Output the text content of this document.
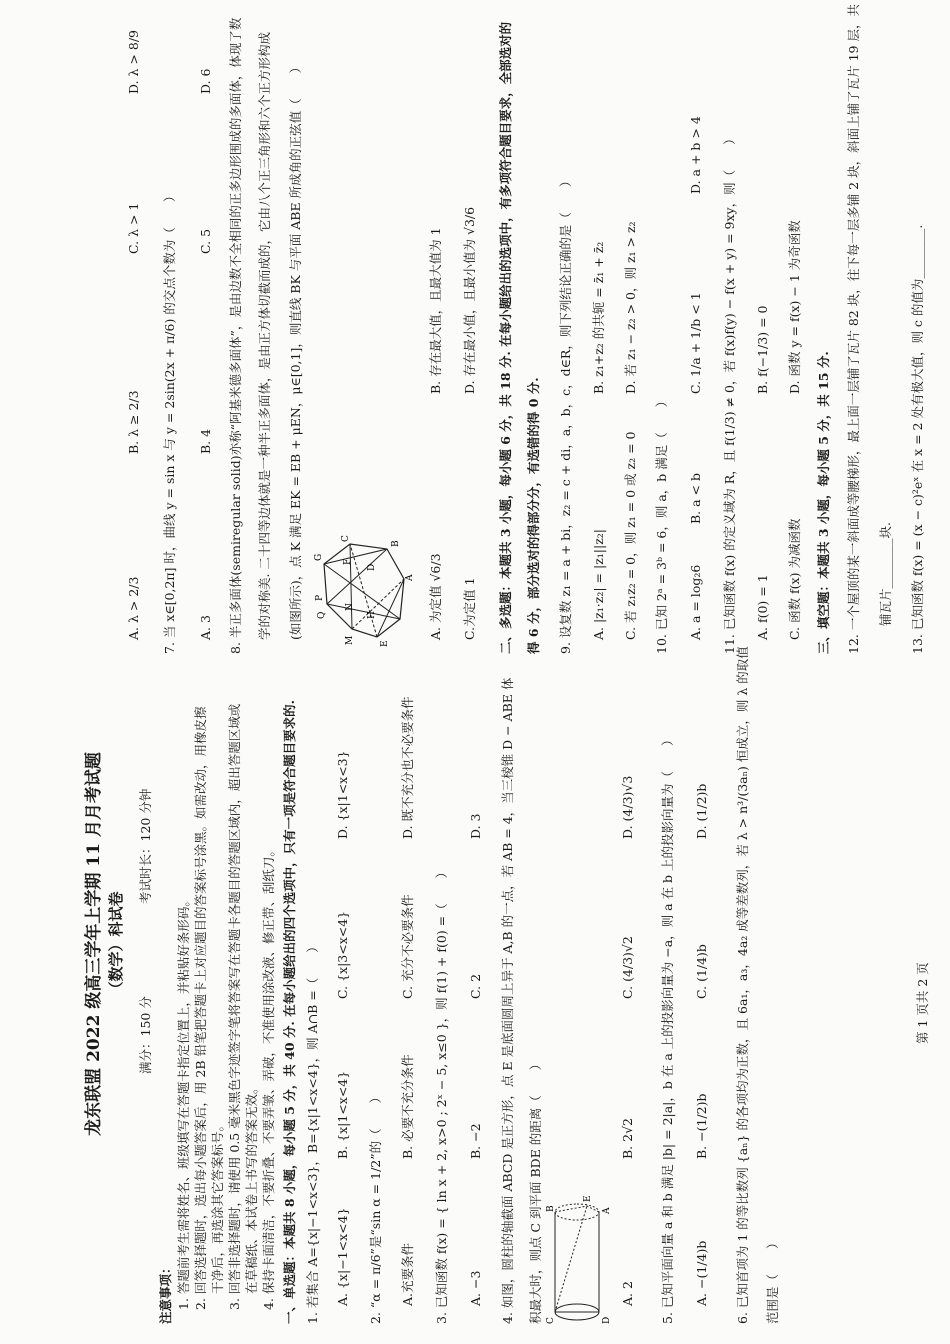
龙东联盟 2022 级高三学年上学期 11 月月考试题 （数学）科试卷
满分：150 分
考试时长：120 分钟
注意事项： 1. 答题前考生需将姓名、班级填写在答题卡指定位置上，并粘贴好条形码。 2. 回答选择题时，选出每小题答案后，用 2B 铅笔把答题卡上对应题目的答案标号涂黑。如需改动，用橡皮擦 干净后，再选涂其它答案标号。 3. 回答非选择题时，请使用 0.5 毫米黑色字迹签字笔将答案写在答题卡各题目的答题区域内，超出答题区域或 在草稿纸、本试卷上书写的答案无效。 4. 保持卡面清洁，不要折叠、不要弄皱、弄破，不准使用涂改液、修正带、刮纸刀。 一、单选题：本题共 8 小题，每小题 5 分，共 40 分. 在每小题给出的四个选项中，只有一项是符合题目要求的. 1. 若集合 A={x|−1<x<3}，B={x|1<x<4}，则 A∩B =（　　） A. {x|−1<x<4}
B. {x|1<x<4}
C. {x|3<x<4}
D. {x|1<x<3}
2. “α = π/6”是“sin α = 1/2”的（　　） A.充要条件
B. 必要不充分条件
C. 充分不必要条件
D. 既不充分也不必要条件
3. 已知函数 f(x) = { ln x + 2, x>0 ; 2ˣ − 5, x≤0 }，则 f(1) + f(0) =（　　） A. −3
B. −2
C. 2
D. 3 4. 如图，圆柱的轴截面 ABCD 是正方形，点 E 是底面圆周上异于 A,B 的一点，若 AB = 4，当三棱锥 D − ABE 体 积最大时，则点 C 到平面 BDE 的距离（　　） C	D
B	A
E
A. 2
B. 2√2
C. (4/3)√2
D. (4/3)√3 5. 已知平面向量 a 和 b 满足 |b| = 2|a|，b 在 a 上的投影向量为 −a，则 a 在 b 上的投影向量为（　　） A. −(1/4)b
B. −(1/2)b
C. (1/4)b
D. (1/2)b 6. 已知首项为 1 的等比数列 {aₙ} 的各项均为正数，且 6a₁，a₃，4a₂ 成等差数列，若 λ > n³/(3aₙ) 恒成立，则 λ 的取值 范围是（　　）
第 1 页共 2 页
A. λ > 2/3
B. λ ≥ 2/3
C. λ > 1
D. λ > 8/9
7. 当 x∈[0,2π] 时，曲线 y = sin x 与 y = 2sin(2x + π/6) 的交点个数为（　　） A. 3
B. 4
C. 5
D. 6 8. 半正多面体(semiregular solid)亦称“阿基米德多面体”，是由边数不全相同的正多边形围成的多面体，体现了数 学的对称美. 二十四等边体就是一种半正多面体，是由正方体切截而成的，它由八个正三角形和六个正方形构成 (如图所示)，点 K 满足 EK = EB + μEN，μ∈[0,1]，则直线 BK 与平面 ABE 所成角的正弦值（　　） Q
P
G
M
N
F
C
H
D
E
A
B
A. 为定值 √6/3
B. 存在最大值，且最大值为 1
C.为定值 1
D. 存在最小值，且最小值为 √3/6 二、多选题：本题共 3 小题，每小题 6 分，共 18 分. 在每小题给出的选项中，有多项符合题目要求，全部选对的 得 6 分，部分选对的得部分分，有选错的得 0 分. 9. 设复数 z₁ = a + bi，z₂ = c + di，a，b，c，d∈R，则下列结论正确的是（　　） A. |z₁·z₂| = |z₁||z₂|
B. z₁+z₂ 的共轭 = z̄₁ + z̄₂
C. 若 z₁z₂ = 0，则 z₁ = 0 或 z₂ = 0
D. 若 z₁ − z₂ > 0，则 z₁ > z₂
10. 已知 2ᵃ = 3ᵇ = 6，则 a，b 满足（　　） A. a = log₂6
B. a < b
C. 1/a + 1/b < 1
D. a + b > 4 11. 已知函数 f(x) 的定义域为 R，且 f(1/3) ≠ 0，若 f(x)f(y) − f(x + y) = 9xy，则（　　） A. f(0) = 1
B. f(−1/3) = 0
C. 函数 f(x) 为减函数
D. 函数 y = f(x) − 1 为奇函数
三、填空题：本题共 3 小题，每小题 5 分，共 15 分. 12. 一个屋顶的某一斜面成等腰梯形，最上面一层铺了瓦片 82 块，往下每一层多铺 2 块，斜面上铺了瓦片 19 层，共 铺瓦片________块. 13. 已知函数 f(x) = (x − c)²eˣ 在 x = 2 处有极大值，则 c 的值为________.
